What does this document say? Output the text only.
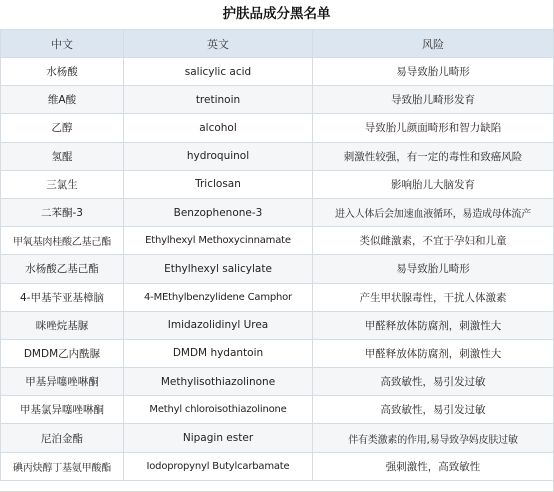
护肤品成分黑名单
中文	英文	风险
水杨酸	salicylic acid	易导致胎儿畸形
维A酸	tretinoin	导致胎儿畸形发育
乙醇	alcohol	导致胎儿颜面畸形和智力缺陷
氢醌	hydroquinol	刺激性较强，有一定的毒性和致癌风险
三氯生	Triclosan	影响胎儿大脑发育
二苯酮-3	Benzophenone-3	进入人体后会加速血液循环，易造成母体流产
甲氧基肉桂酸乙基己酯	Ethylhexyl Methoxycinnamate	类似雌激素，不宜于孕妇和儿童
水杨酸乙基己酯	Ethylhexyl salicylate	易导致胎儿畸形
4-甲基苄亚基樟脑	4-MEthylbenzylidene Camphor	产生甲状腺毒性，干扰人体激素
咪唑烷基脲	Imidazolidinyl Urea	甲醛释放体防腐剂，刺激性大
DMDM乙内酰脲	DMDM hydantoin	甲醛释放体防腐剂，刺激性大
甲基异噻唑啉酮	Methylisothiazolinone	高致敏性，易引发过敏
甲基氯异噻唑啉酮	Methyl chloroisothiazolinone	高致敏性，易引发过敏
尼泊金酯	Nipagin ester	伴有类激素的作用,易导致孕妈皮肤过敏
碘丙炔醇丁基氨甲酸酯	Iodopropynyl Butylcarbamate	强刺激性，高致敏性
